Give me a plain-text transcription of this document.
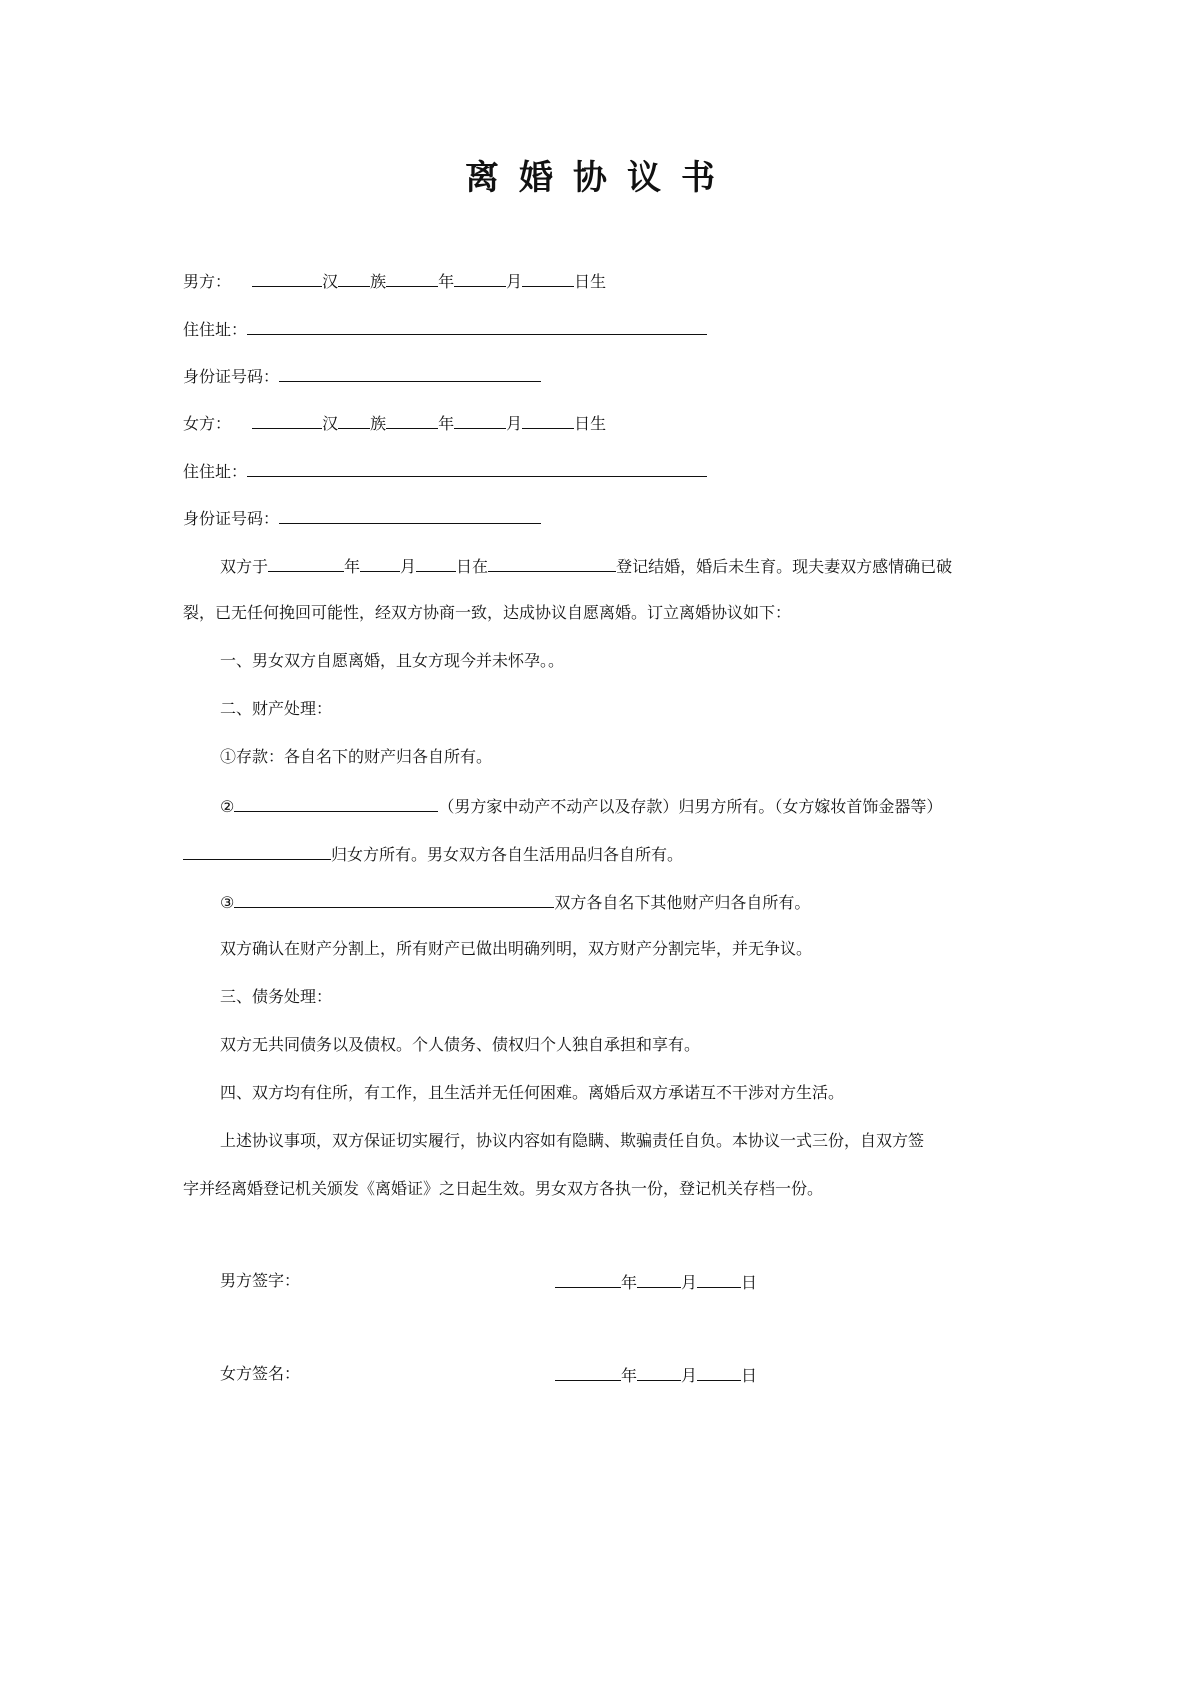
离婚协议书
男方：	汉 族	年	月	日生
住住址：
身份证号码：
女方：	汉 族	年	月	日生
住住址：
身份证号码：
双方于	年	月	日在	登记结婚，婚后未生育。现夫妻双方感情确已破
裂，已无任何挽回可能性，经双方协商一致，达成协议自愿离婚。订立离婚协议如下：
一、男女双方自愿离婚，且女方现今并未怀孕。。
二、财产处理：
①存款：各自名下的财产归各自所有。
②	（男方家中动产不动产以及存款）归男方所有。（女方嫁妆首饰金器等）
归女方所有。男女双方各自生活用品归各自所有。
③	双方各自名下其他财产归各自所有。
双方确认在财产分割上，所有财产已做出明确列明，双方财产分割完毕，并无争议。
三、债务处理：
双方无共同债务以及债权。个人债务、债权归个人独自承担和享有。
四、双方均有住所，有工作，且生活并无任何困难。离婚后双方承诺互不干涉对方生活。
上述协议事项，双方保证切实履行，协议内容如有隐瞒、欺骗责任自负。本协议一式三份，自双方签
字并经离婚登记机关颁发《离婚证》之日起生效。男女双方各执一份，登记机关存档一份。
男方签字：	年	月	日
女方签名：	年	月	日
